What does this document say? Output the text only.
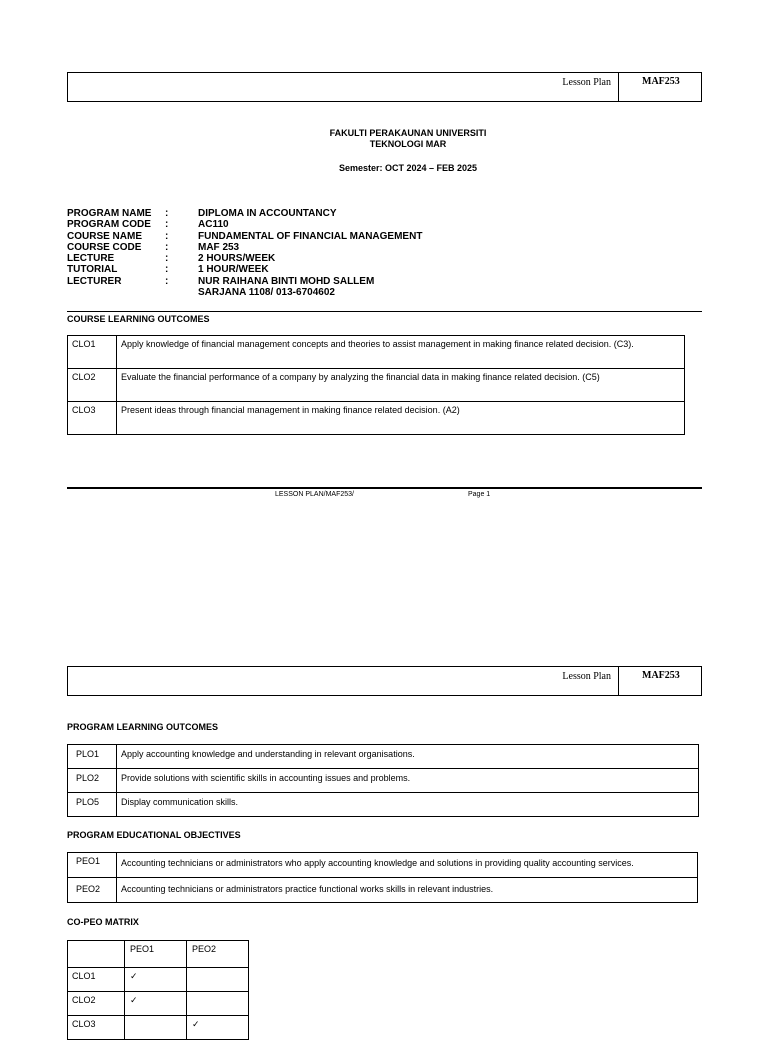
Lesson Plan	MAF253
FAKULTI PERAKAUNAN UNIVERSITI
TEKNOLOGI MAR
Semester: OCT 2024 – FEB 2025
PROGRAM NAME	:	DIPLOMA IN ACCOUNTANCY
PROGRAM CODE	:	AC110
COURSE NAME	:	FUNDAMENTAL OF FINANCIAL MANAGEMENT
COURSE CODE	:	MAF 253
LECTURE	:	2 HOURS/WEEK
TUTORIAL	:	1 HOUR/WEEK
LECTURER	:	NUR RAIHANA BINTI MOHD SALLEM
		SARJANA 1108/ 013-6704602
COURSE LEARNING OUTCOMES
CLO1	Apply knowledge of financial management concepts and theories to assist management in making finance related decision. (C3).
CLO2	Evaluate the financial performance of a company by analyzing the financial data in making finance related decision. (C5)
CLO3	Present ideas through financial management in making finance related decision. (A2)
LESSON PLAN/MAF253/	Page 1
Lesson Plan	MAF253
PROGRAM LEARNING OUTCOMES
PLO1	Apply accounting knowledge and understanding in relevant organisations.
PLO2	Provide solutions with scientific skills in accounting issues and problems.
PLO5	Display communication skills.
PROGRAM EDUCATIONAL OBJECTIVES
PEO1	Accounting technicians or administrators who apply accounting knowledge and solutions in providing quality accounting services.
PEO2	Accounting technicians or administrators practice functional works skills in relevant industries.
CO-PEO MATRIX
	PEO1	PEO2
CLO1	✓	
CLO2	✓	
CLO3		✓
